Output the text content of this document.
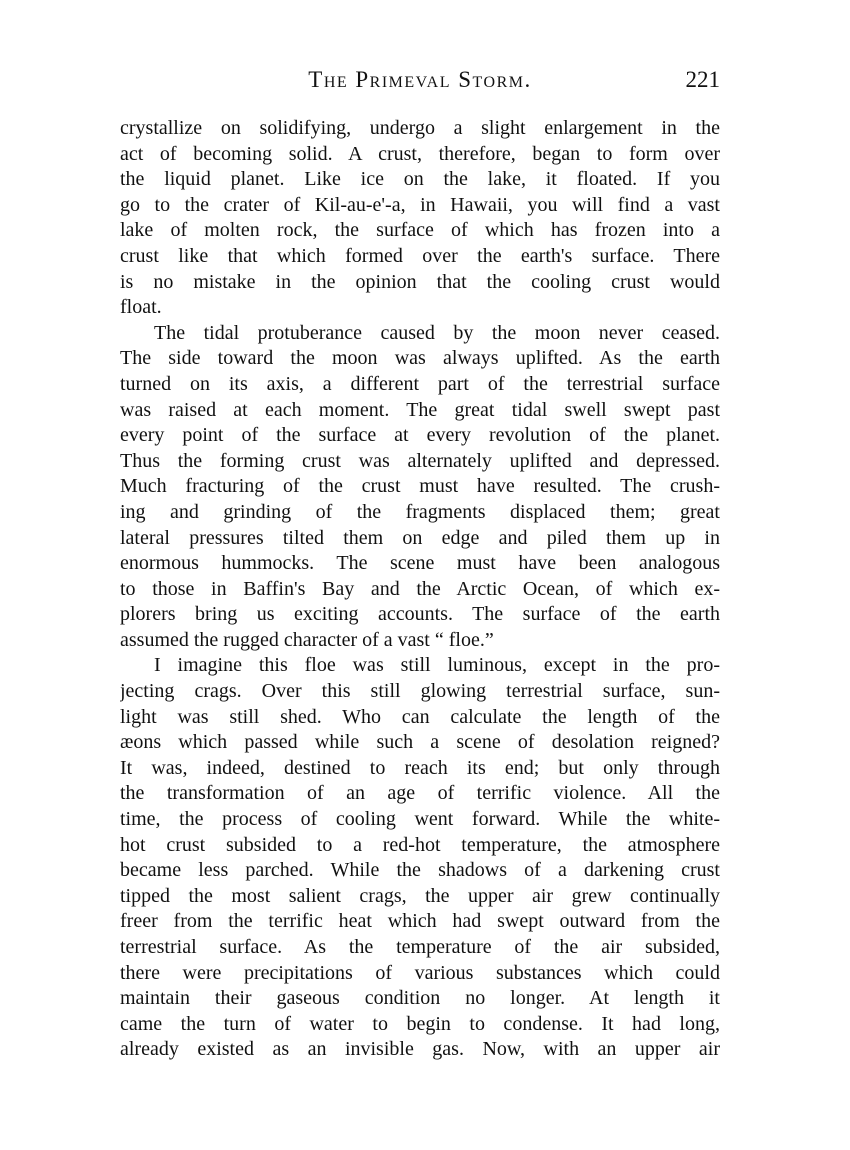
The Primeval Storm.	221
crystallize on solidifying, undergo a slight enlargement in the
act of becoming solid. A crust, therefore, began to form over
the liquid planet. Like ice on the lake, it floated. If you
go to the crater of Kil-au-e'-a, in Hawaii, you will find a vast
lake of molten rock, the surface of which has frozen into a
crust like that which formed over the earth's surface. There
is no mistake in the opinion that the cooling crust would
float.
The tidal protuberance caused by the moon never ceased.
The side toward the moon was always uplifted. As the earth
turned on its axis, a different part of the terrestrial surface
was raised at each moment. The great tidal swell swept past
every point of the surface at every revolution of the planet.
Thus the forming crust was alternately uplifted and depressed.
Much fracturing of the crust must have resulted. The crush-
ing and grinding of the fragments displaced them; great
lateral pressures tilted them on edge and piled them up in
enormous hummocks. The scene must have been analogous
to those in Baffin's Bay and the Arctic Ocean, of which ex-
plorers bring us exciting accounts. The surface of the earth
assumed the rugged character of a vast “ floe.”
I imagine this floe was still luminous, except in the pro-
jecting crags. Over this still glowing terrestrial surface, sun-
light was still shed. Who can calculate the length of the
æons which passed while such a scene of desolation reigned?
It was, indeed, destined to reach its end; but only through
the transformation of an age of terrific violence. All the
time, the process of cooling went forward. While the white-
hot crust subsided to a red-hot temperature, the atmosphere
became less parched. While the shadows of a darkening crust
tipped the most salient crags, the upper air grew continually
freer from the terrific heat which had swept outward from the
terrestrial surface. As the temperature of the air subsided,
there were precipitations of various substances which could
maintain their gaseous condition no longer. At length it
came the turn of water to begin to condense. It had long,
already existed as an invisible gas. Now, with an upper air
